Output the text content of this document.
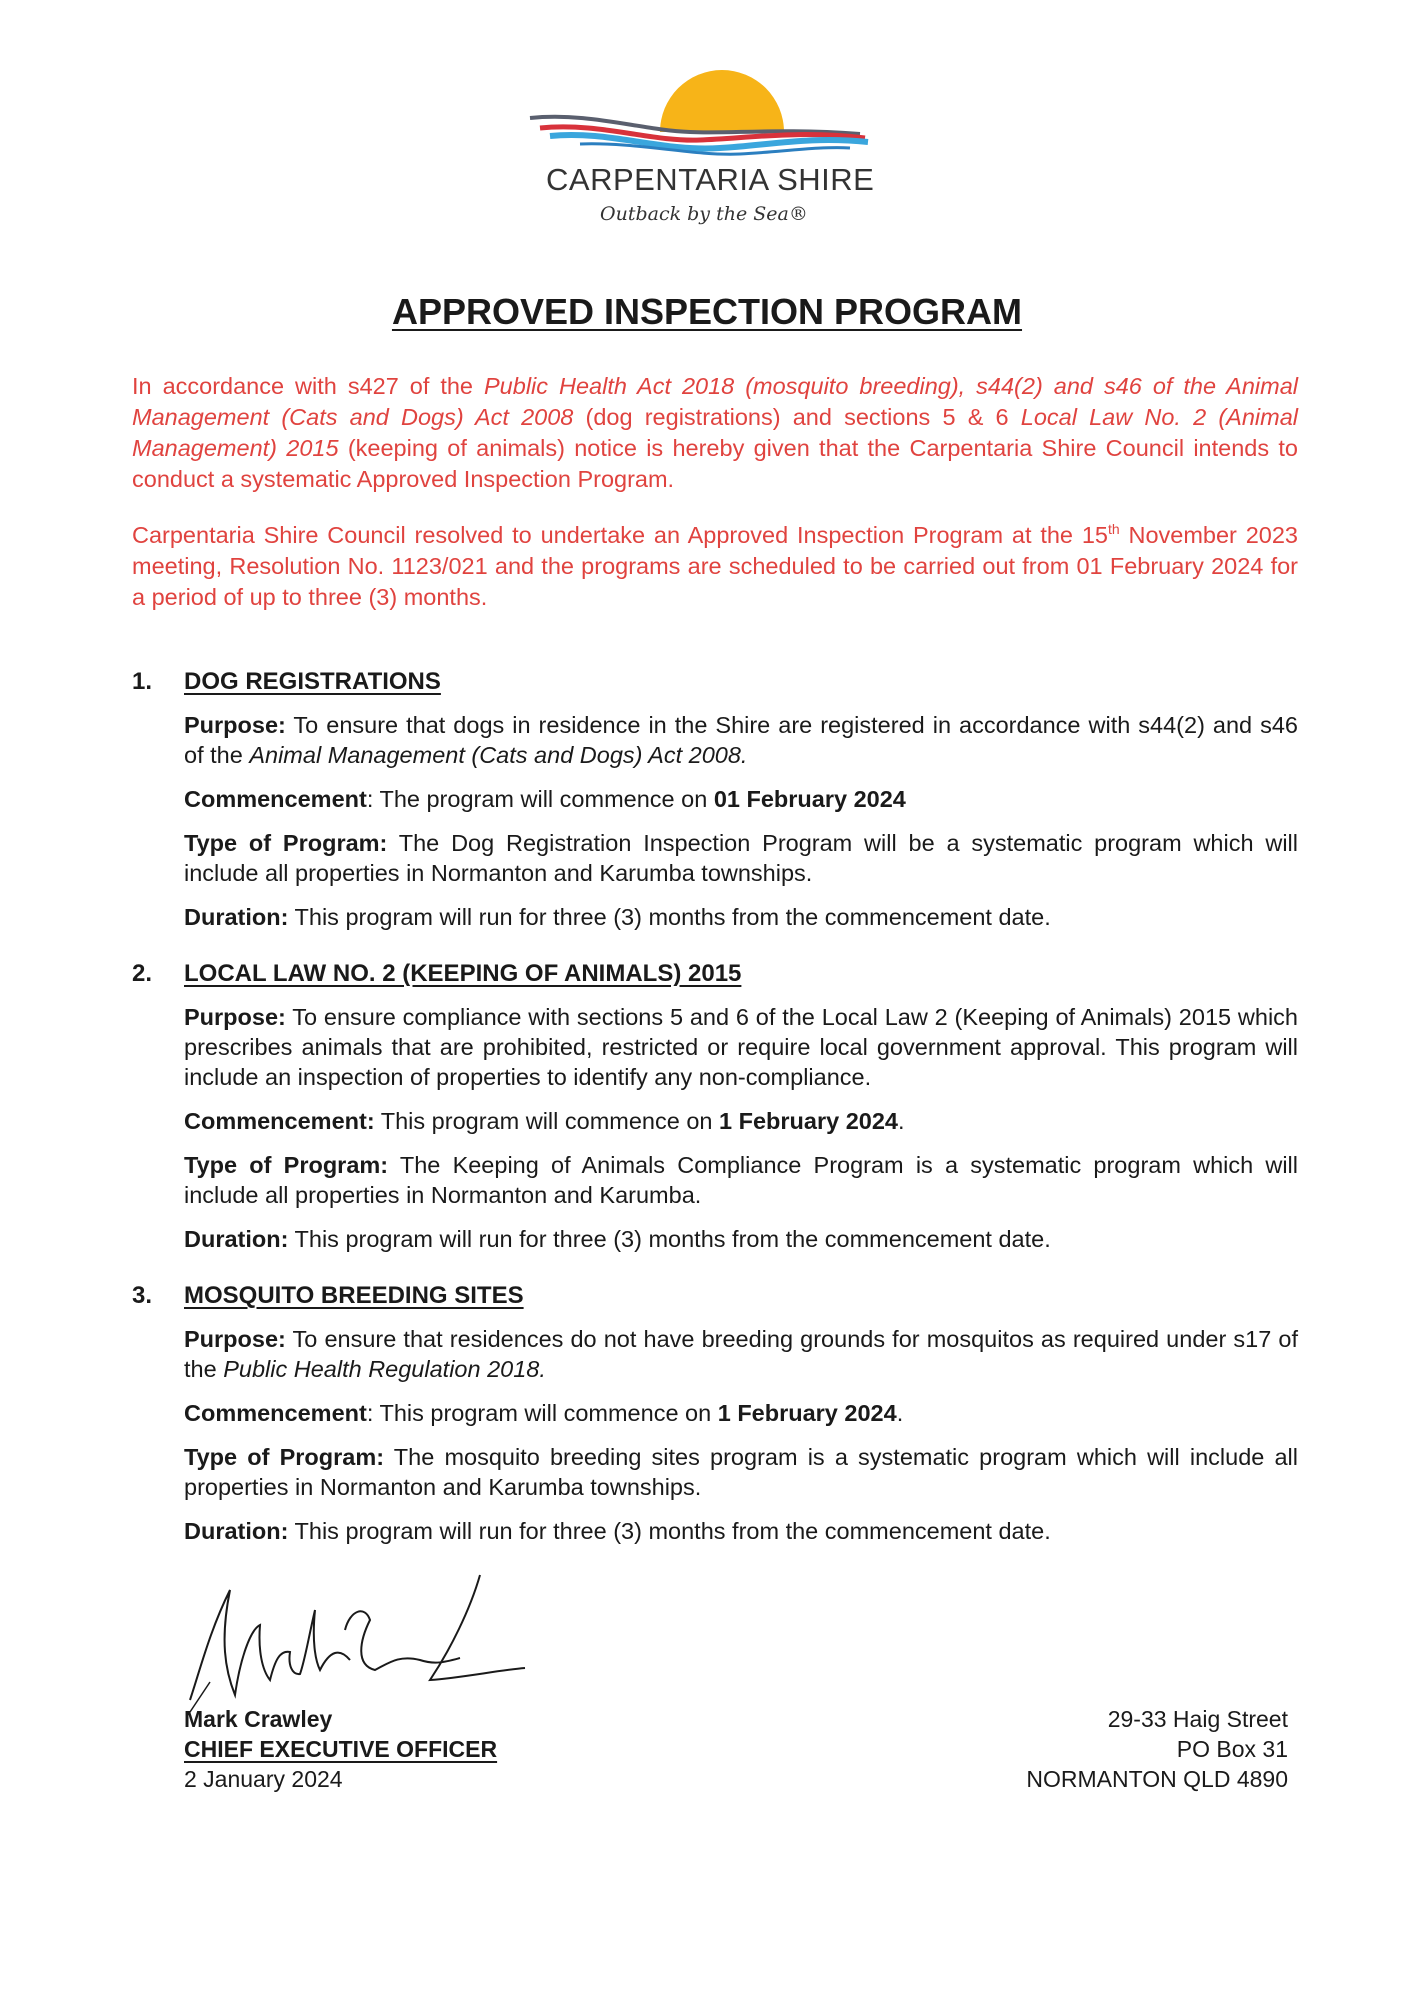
CARPENTARIA SHIRE
Outback by the Sea®
APPROVED INSPECTION PROGRAM

In accordance with s427 of the Public Health Act 2018 (mosquito breeding), s44(2) and s46 of the Animal Management (Cats and Dogs) Act 2008 (dog registrations) and sections 5 & 6 Local Law No. 2 (Animal Management) 2015 (keeping of animals) notice is hereby given that the Carpentaria Shire Council intends to conduct a systematic Approved Inspection Program.

Carpentaria Shire Council resolved to undertake an Approved Inspection Program at the 15th November 2023 meeting, Resolution No. 1123/021 and the programs are scheduled to be carried out from 01 February 2024 for a period of up to three (3) months.

1. DOG REGISTRATIONS

Purpose: To ensure that dogs in residence in the Shire are registered in accordance with s44(2) and s46 of the Animal Management (Cats and Dogs) Act 2008.

Commencement: The program will commence on 01 February 2024

Type of Program: The Dog Registration Inspection Program will be a systematic program which will include all properties in Normanton and Karumba townships.

Duration: This program will run for three (3) months from the commencement date.

2. LOCAL LAW NO. 2 (KEEPING OF ANIMALS) 2015

Purpose: To ensure compliance with sections 5 and 6 of the Local Law 2 (Keeping of Animals) 2015 which prescribes animals that are prohibited, restricted or require local government approval. This program will include an inspection of properties to identify any non-compliance.

Commencement: This program will commence on 1 February 2024.

Type of Program: The Keeping of Animals Compliance Program is a systematic program which will include all properties in Normanton and Karumba.

Duration: This program will run for three (3) months from the commencement date.

3. MOSQUITO BREEDING SITES

Purpose: To ensure that residences do not have breeding grounds for mosquitos as required under s17 of the Public Health Regulation 2018.

Commencement: This program will commence on 1 February 2024.

Type of Program: The mosquito breeding sites program is a systematic program which will include all properties in Normanton and Karumba townships.

Duration: This program will run for three (3) months from the commencement date.

Mark Crawley
CHIEF EXECUTIVE OFFICER
2 January 2024
29-33 Haig Street
PO Box 31
NORMANTON QLD 4890
